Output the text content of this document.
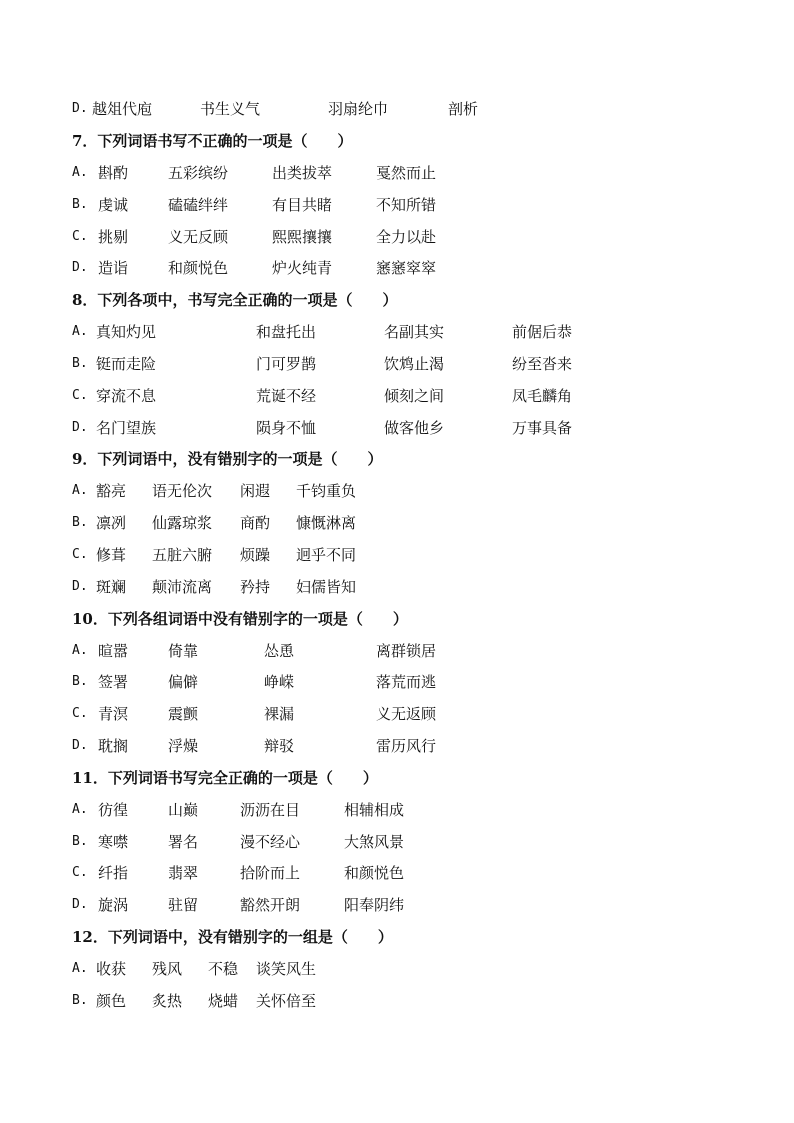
D. 越俎代庖	书生义气	羽扇纶巾	剖析
7．下列词语书写不正确的一项是（　　）
A. 斟酌	五彩缤纷	出类拔萃	戛然而止
B. 虔诚	磕磕绊绊	有目共睹	不知所错
C. 挑剔	义无反顾	熙熙攘攘	全力以赴
D. 造诣	和颜悦色	炉火纯青	窸窸窣窣
8．下列各项中，书写完全正确的一项是（　　）
A. 真知灼见	和盘托出	名副其实	前倨后恭
B. 铤而走险	门可罗鹊	饮鸩止渴	纷至沓来
C. 穿流不息	荒诞不经	倾刻之间	凤毛麟角
D. 名门望族	陨身不恤	做客他乡	万事具备
9．下列词语中，没有错别字的一项是（　　）
A. 豁亮 语无伦次 闲遐 千钧重负
B. 凛冽 仙露琼浆 商酌 慷慨淋离
C. 修葺 五脏六腑 烦躁 迥乎不同
D. 斑斓 颠沛流离 矜持 妇儒皆知
10．下列各组词语中没有错别字的一项是（　　）
A. 暄嚣	倚靠	怂恿	离群锁居
B. 签署	偏僻	峥嵘	落荒而逃
C. 青溟	震颤	裸漏	义无返顾
D. 耽搁	浮燥	辩驳	雷历风行
11．下列词语书写完全正确的一项是（　　）
A. 彷徨	山巅	沥沥在目	相辅相成
B. 寒噤	署名	漫不经心	大煞风景
C. 纤指	翡翠	拾阶而上	和颜悦色
D. 旋涡	驻留	豁然开朗	阳奉阴纬
12．下列词语中，没有错别字的一组是（　　）
A. 收获 残风 不稳 谈笑风生
B. 颜色 炙热 烧蜡 关怀倍至
